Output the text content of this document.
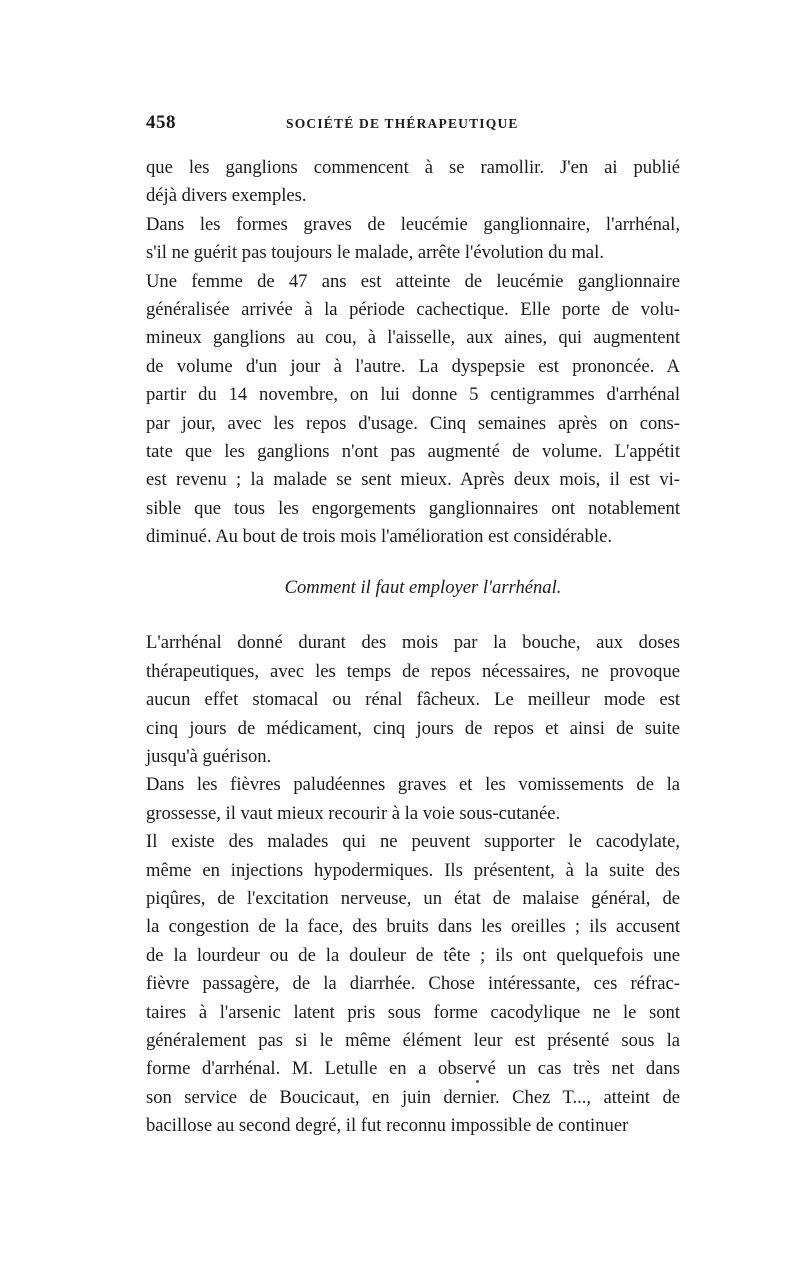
458	SOCIÉTÉ DE THÉRAPEUTIQUE
que les ganglions commencent à se ramollir. J'en ai publié
déjà divers exemples.
Dans les formes graves de leucémie ganglionnaire, l'arrhénal,
s'il ne guérit pas toujours le malade, arrête l'évolution du mal.
Une femme de 47 ans est atteinte de leucémie ganglionnaire
généralisée arrivée à la période cachectique. Elle porte de volu-
mineux ganglions au cou, à l'aisselle, aux aines, qui augmentent
de volume d'un jour à l'autre. La dyspepsie est prononcée. A
partir du 14 novembre, on lui donne 5 centigrammes d'arrhénal
par jour, avec les repos d'usage. Cinq semaines après on cons-
tate que les ganglions n'ont pas augmenté de volume. L'appétit
est revenu ; la malade se sent mieux. Après deux mois, il est vi-
sible que tous les engorgements ganglionnaires ont notablement
diminué. Au bout de trois mois l'amélioration est considérable.
Comment il faut employer l'arrhénal.
L'arrhénal donné durant des mois par la bouche, aux doses
thérapeutiques, avec les temps de repos nécessaires, ne provoque
aucun effet stomacal ou rénal fâcheux. Le meilleur mode est
cinq jours de médicament, cinq jours de repos et ainsi de suite
jusqu'à guérison.
Dans les fièvres paludéennes graves et les vomissements de la
grossesse, il vaut mieux recourir à la voie sous-cutanée.
Il existe des malades qui ne peuvent supporter le cacodylate,
même en injections hypodermiques. Ils présentent, à la suite des
piqûres, de l'excitation nerveuse, un état de malaise général, de
la congestion de la face, des bruits dans les oreilles ; ils accusent
de la lourdeur ou de la douleur de tête ; ils ont quelquefois une
fièvre passagère, de la diarrhée. Chose intéressante, ces réfrac-
taires à l'arsenic latent pris sous forme cacodylique ne le sont
généralement pas si le même élément leur est présenté sous la
forme d'arrhénal. M. Letulle en a observé un cas très net dans
son service de Boucicaut, en juin dernier. Chez T..., atteint de
bacillose au second degré, il fut reconnu impossible de continuer
